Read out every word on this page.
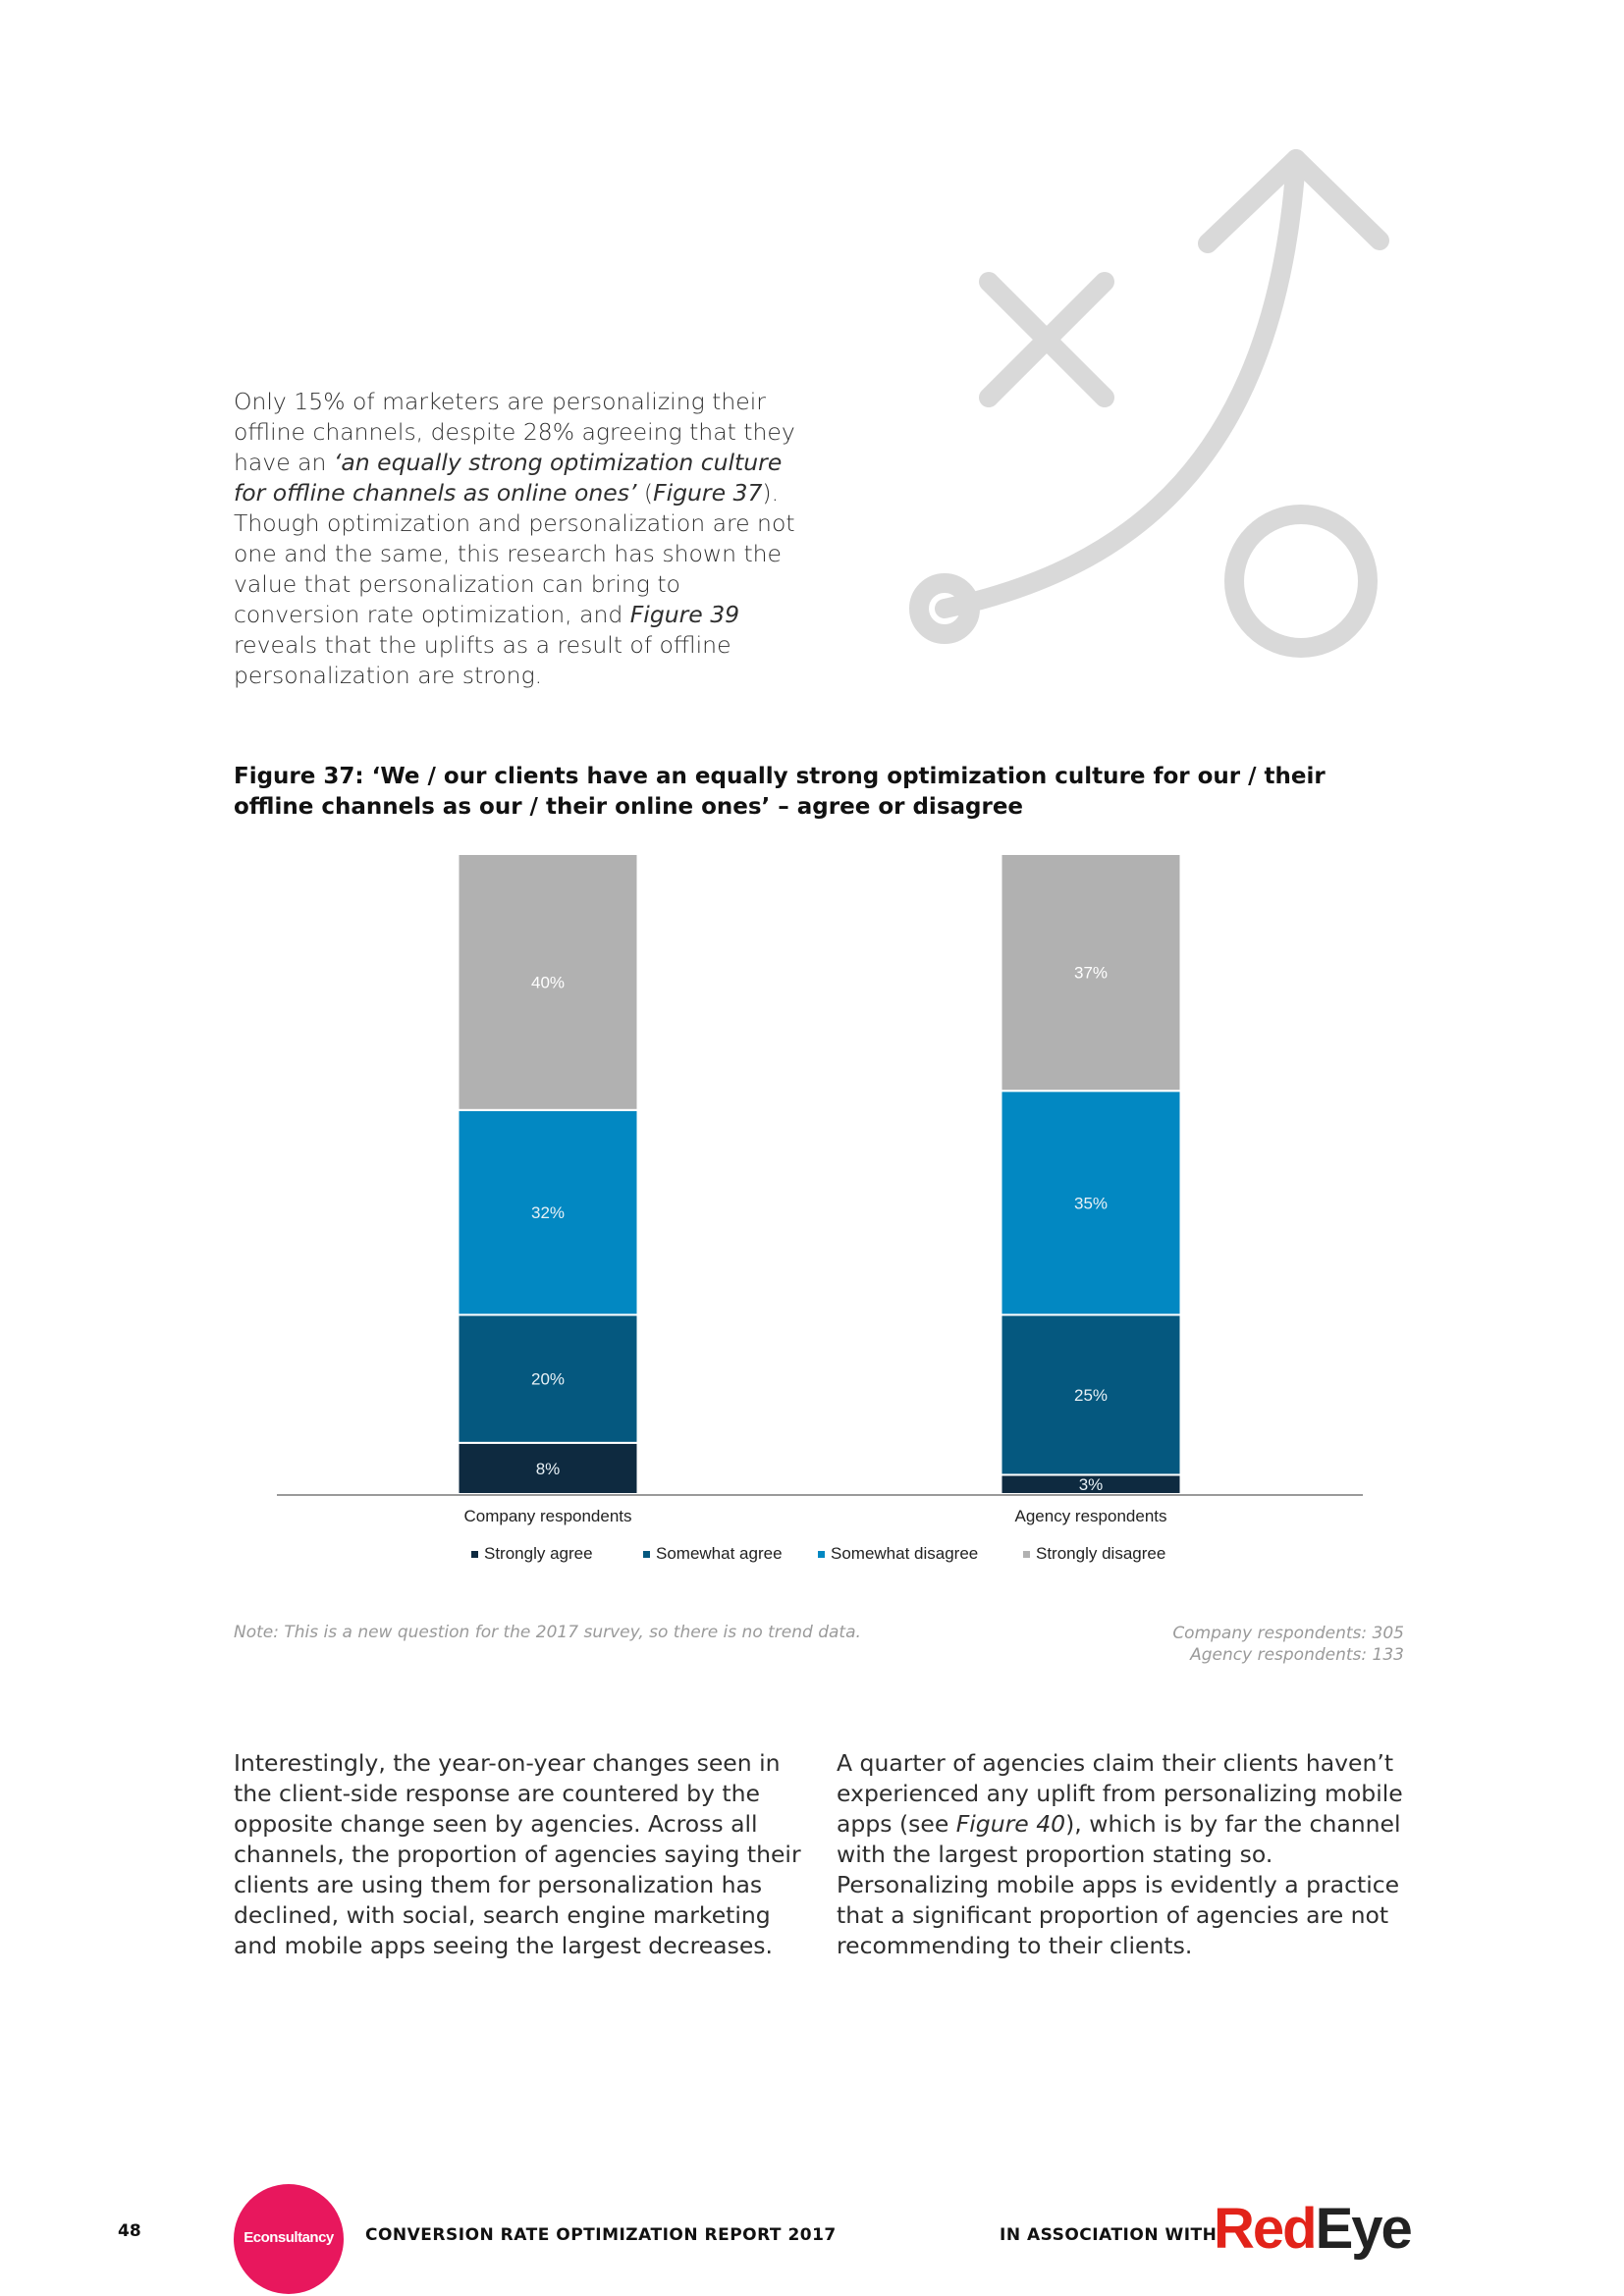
Only 15% of marketers are personalizing their offline channels, despite 28% agreeing that they have an ‘an equally strong optimization culture for offline channels as online ones’ (Figure 37). Though optimization and personalization are not one and the same, this research has shown the value that personalization can bring to conversion rate optimization, and Figure 39 reveals that the uplifts as a result of offline personalization are strong.

Figure 37: ‘We / our clients have an equally strong optimization culture for our / their offline channels as our / their online ones’ – agree or disagree
8%
20%
32%
40%
Company respondents
3%
25%
35%
37%
Agency respondents
Strongly agree	Somewhat agree	Somewhat disagree	Strongly disagree
Note: This is a new question for the 2017 survey, so there is no trend data.	Company respondents: 305
Agency respondents: 133

Interestingly, the year-on-year changes seen in the client-side response are countered by the opposite change seen by agencies. Across all channels, the proportion of agencies saying their clients are using them for personalization has declined, with social, search engine marketing and mobile apps seeing the largest decreases.

A quarter of agencies claim their clients haven’t experienced any uplift from personalizing mobile apps (see Figure 40), which is by far the channel with the largest proportion stating so. Personalizing mobile apps is evidently a practice that a significant proportion of agencies are not recommending to their clients.

48	Econsultancy	CONVERSION RATE OPTIMIZATION REPORT 2017	IN ASSOCIATION WITH
RedEye
